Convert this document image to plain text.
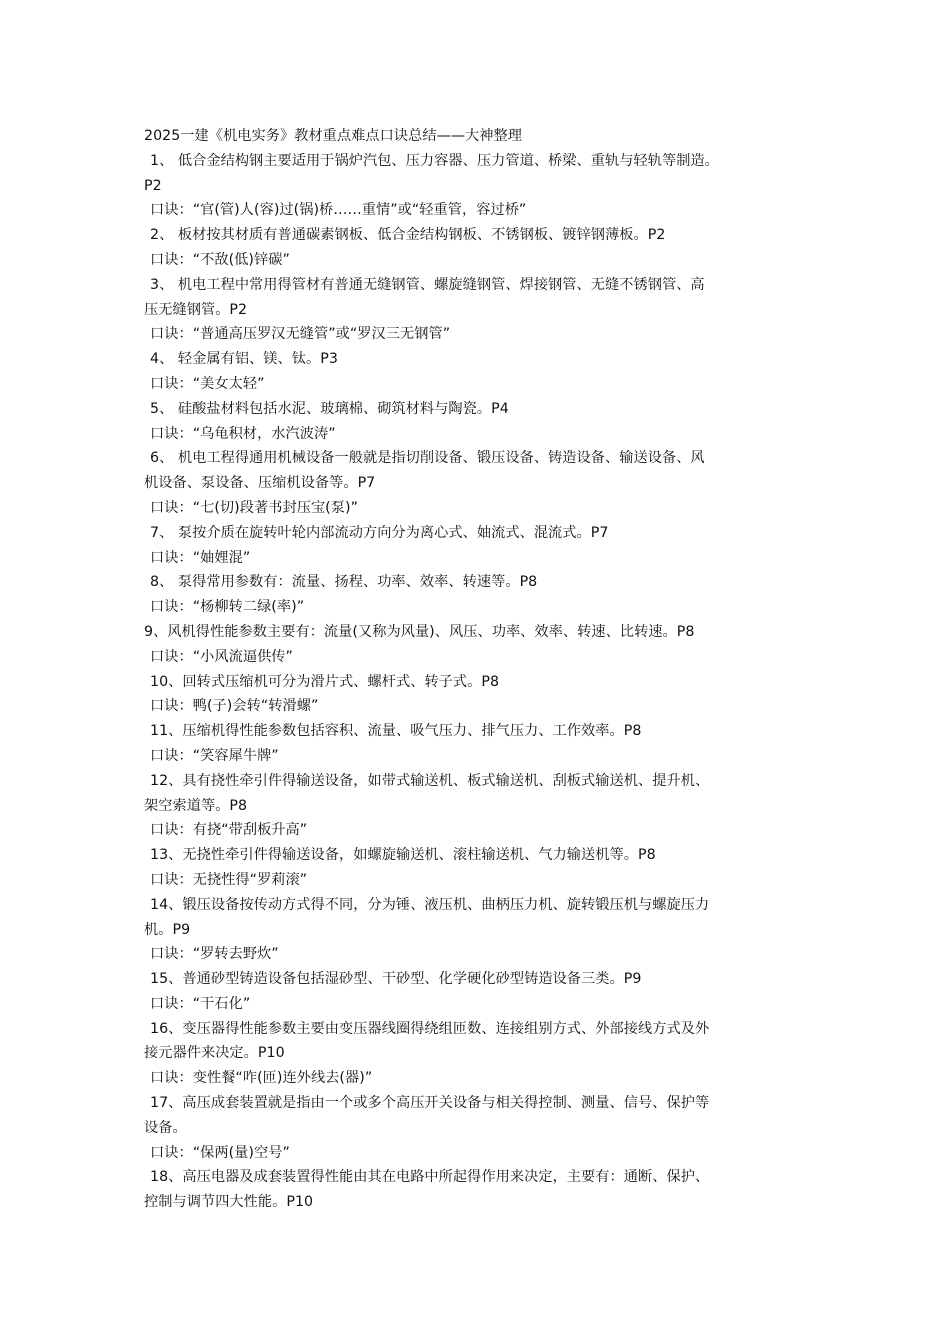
2025一建《机电实务》教材重点难点口诀总结——大神整理
1、 低合金结构钢主要适用于锅炉汽包、压力容器、压力管道、桥梁、重轨与轻轨等制造。
P2
口诀：“官(管)人(容)过(锅)桥……重情”或“轻重管，容过桥”
2、 板材按其材质有普通碳素钢板、低合金结构钢板、不锈钢板、镀锌钢薄板。P2
口诀：“不敌(低)锌碳”
3、 机电工程中常用得管材有普通无缝钢管、螺旋缝钢管、焊接钢管、无缝不锈钢管、高
压无缝钢管。P2
口诀：“普通高压罗汉无缝管”或“罗汉三无钢管”
4、 轻金属有铝、镁、钛。P3
口诀：“美女太轻”
5、 硅酸盐材料包括水泥、玻璃棉、砌筑材料与陶瓷。P4
口诀：“乌龟积材，水汽波涛”
6、 机电工程得通用机械设备一般就是指切削设备、锻压设备、铸造设备、输送设备、风
机设备、泵设备、压缩机设备等。P7
口诀：“七(切)段著书封压宝(泵)”
7、 泵按介质在旋转叶轮内部流动方向分为离心式、妯流式、混流式。P7
口诀：“妯娌混”
8、 泵得常用参数有：流量、扬程、功率、效率、转速等。P8
口诀：“杨柳转二绿(率)”
9、风机得性能参数主要有：流量(又称为风量)、风压、功率、效率、转速、比转速。P8
口诀：“小风流逼供传”
10、回转式压缩机可分为滑片式、螺杆式、转子式。P8
口诀：鸭(子)会转“转滑螺”
11、压缩机得性能参数包括容积、流量、吸气压力、排气压力、工作效率。P8
口诀：“笑容犀牛牌”
12、具有挠性牵引件得输送设备，如带式输送机、板式输送机、刮板式输送机、提升机、
架空索道等。P8
口诀：有挠“带刮板升高”
13、无挠性牵引件得输送设备，如螺旋输送机、滚柱输送机、气力输送机等。P8
口诀：无挠性得“罗莉滚”
14、锻压设备按传动方式得不同，分为锤、液压机、曲柄压力机、旋转锻压机与螺旋压力
机。P9
口诀：“罗转去野炊”
15、普通砂型铸造设备包括湿砂型、干砂型、化学硬化砂型铸造设备三类。P9
口诀：“干石化”
16、变压器得性能参数主要由变压器线圈得绕组匝数、连接组别方式、外部接线方式及外
接元器件来决定。P10
口诀：变性餐“咋(匝)连外线去(器)”
17、高压成套装置就是指由一个或多个高压开关设备与相关得控制、测量、信号、保护等
设备。
口诀：“保两(量)空号”
18、高压电器及成套装置得性能由其在电路中所起得作用来决定，主要有：通断、保护、
控制与调节四大性能。P10
